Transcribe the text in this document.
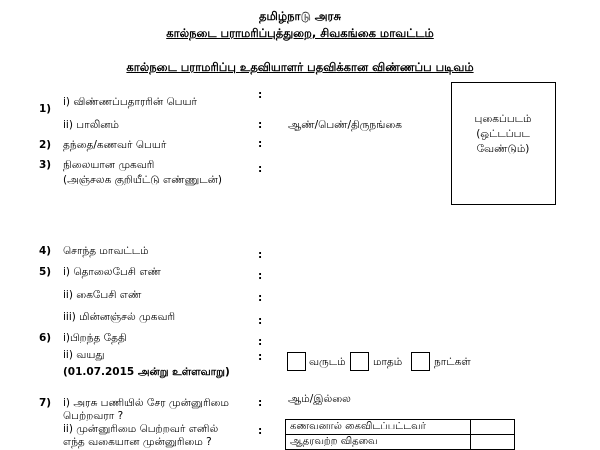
தமிழ்நாடு அரசு
கால்நடை பராமரிப்புத்துறை, சிவகங்கை மாவட்டம்
கால்நடை பராமரிப்பு உதவியாளர் பதவிக்கான விண்ணப்ப படிவம்
புகைப்படம்
(ஒட்டப்பட
வேண்டும்)
1)
i) விண்ணப்பதாரரின் பெயர்
:
ii) பாலினம்	: ஆண்/பெண்/திருநங்கை
2) தந்தை/கணவர் பெயர்	:
3) நிலையான முகவரி
(அஞ்சலக குறியீட்டு எண்ணுடன்)
:
4) சொந்த மாவட்டம்	:
5) i) தொலைபேசி எண்	:
ii) கைபேசி எண்	:
iii) மின்னஞ்சல் முகவரி	:
6) i)பிறந்த தேதி	:
ii) வயது	:
(01.07.2015 அன்று உள்ளவாறு)
வருடம்	மாதம்	நாட்கள்
7) i) அரசு பணியில் சேர முன்னுரிமை
பெற்றவரா ?
: ஆம்/இல்லை
ii) முன்னுரிமை பெற்றவர் எனில்
எந்த வகையான முன்னுரிமை ?
:	கணவனால் கைவிடப்பட்டவர்	
ஆதரவற்ற விதவை	
